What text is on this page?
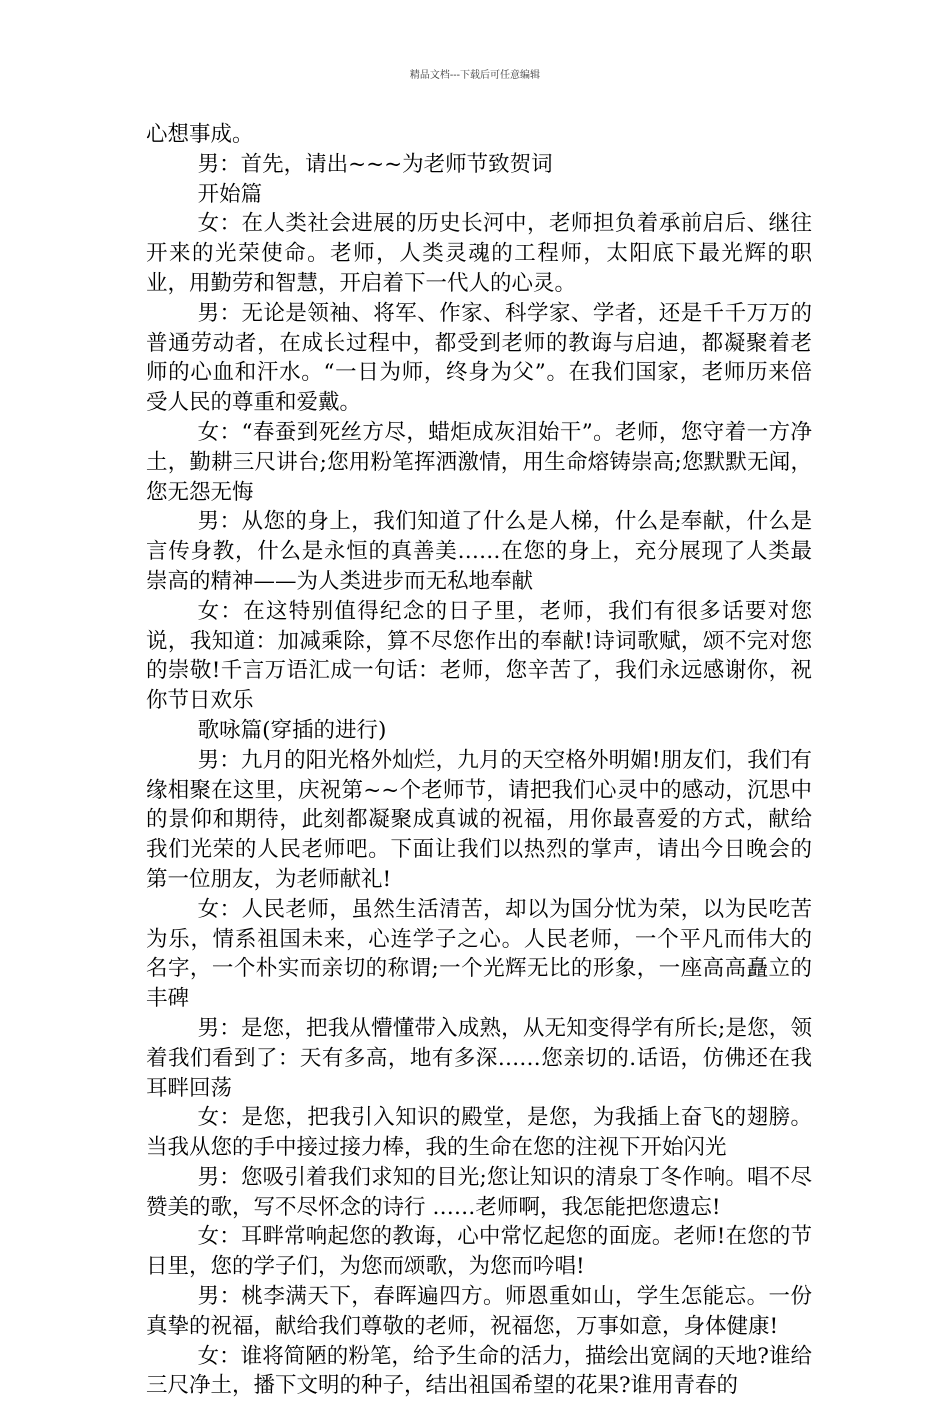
精品文档---下载后可任意编辑

心想事成。

男：首先，请出~~~为老师节致贺词

开始篇

女：在人类社会进展的历史长河中，老师担负着承前启后、继往开来的光荣使命。老师，人类灵魂的工程师，太阳底下最光辉的职业，用勤劳和智慧，开启着下一代人的心灵。

男：无论是领袖、将军、作家、科学家、学者，还是千千万万的普通劳动者，在成长过程中，都受到老师的教诲与启迪，都凝聚着老师的心血和汗水。“一日为师，终身为父”。在我们国家，老师历来倍受人民的尊重和爱戴。

女：“春蚕到死丝方尽，蜡炬成灰泪始干”。老师，您守着一方净土，勤耕三尺讲台;您用粉笔挥洒激情，用生命熔铸崇高;您默默无闻，您无怨无悔

男：从您的身上，我们知道了什么是人梯，什么是奉献，什么是言传身教，什么是永恒的真善美……在您的身上，充分展现了人类最崇高的精神——为人类进步而无私地奉献

女：在这特别值得纪念的日子里，老师，我们有很多话要对您说，我知道：加减乘除，算不尽您作出的奉献!诗词歌赋，颂不完对您的崇敬!千言万语汇成一句话：老师，您辛苦了，我们永远感谢你，祝你节日欢乐

歌咏篇(穿插的进行)

男：九月的阳光格外灿烂，九月的天空格外明媚!朋友们，我们有缘相聚在这里，庆祝第~~个老师节，请把我们心灵中的感动，沉思中的景仰和期待，此刻都凝聚成真诚的祝福，用你最喜爱的方式，献给我们光荣的人民老师吧。下面让我们以热烈的掌声，请出今日晚会的第一位朋友，为老师献礼!

女：人民老师，虽然生活清苦，却以为国分忧为荣，以为民吃苦为乐，情系祖国未来，心连学子之心。人民老师，一个平凡而伟大的名字，一个朴实而亲切的称谓;一个光辉无比的形象，一座高高矗立的丰碑

男：是您，把我从懵懂带入成熟，从无知变得学有所长;是您，领着我们看到了：天有多高，地有多深……您亲切的.话语，仿佛还在我耳畔回荡

女：是您，把我引入知识的殿堂，是您，为我插上奋飞的翅膀。当我从您的手中接过接力棒，我的生命在您的注视下开始闪光

男：您吸引着我们求知的目光;您让知识的清泉丁冬作响。唱不尽赞美的歌，写不尽怀念的诗行 ……老师啊，我怎能把您遗忘!

女：耳畔常响起您的教诲，心中常忆起您的面庞。老师!在您的节日里，您的学子们，为您而颂歌，为您而吟唱!

男：桃李满天下，春晖遍四方。师恩重如山，学生怎能忘。一份真挚的祝福，献给我们尊敬的老师，祝福您，万事如意，身体健康!

女：谁将简陋的粉笔，给予生命的活力，描绘出宽阔的天地?谁给三尺净土，播下文明的种子，结出祖国希望的花果?谁用青春的
